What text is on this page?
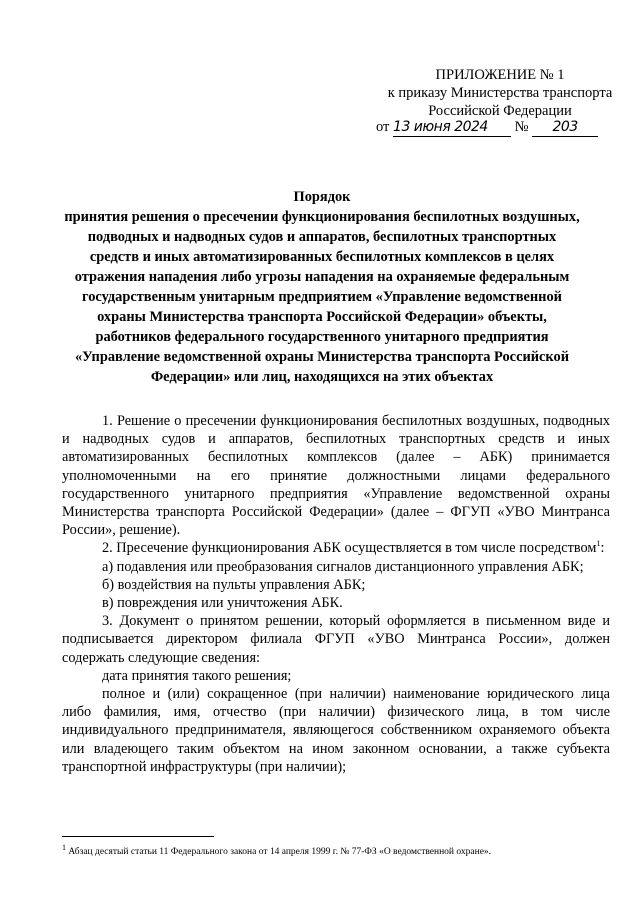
ПРИЛОЖЕНИЕ № 1
к приказу Министерства транспорта
Российской Федерации
от 13 июня 2024 № 203
Порядок
принятия решения о пресечении функционирования беспилотных воздушных,
подводных и надводных судов и аппаратов, беспилотных транспортных
средств и иных автоматизированных беспилотных комплексов в целях
отражения нападения либо угрозы нападения на охраняемые федеральным
государственным унитарным предприятием «Управление ведомственной
охраны Министерства транспорта Российской Федерации» объекты,
работников федерального государственного унитарного предприятия
«Управление ведомственной охраны Министерства транспорта Российской
Федерации» или лиц, находящихся на этих объектах

1. Решение о пресечении функционирования беспилотных воздушных, подводных и надводных судов и аппаратов, беспилотных транспортных средств и иных автоматизированных беспилотных комплексов (далее – АБК) принимается уполномоченными на его принятие должностными лицами федерального государственного унитарного предприятия «Управление ведомственной охраны Министерства транспорта Российской Федерации» (далее – ФГУП «УВО Минтранса России», решение).

2. Пресечение функционирования АБК осуществляется в том числе посредством$^1$:

а) подавления или преобразования сигналов дистанционного управления АБК;

б) воздействия на пульты управления АБК;

в) повреждения или уничтожения АБК.

3. Документ о принятом решении, который оформляется в письменном виде и подписывается директором филиала ФГУП «УВО Минтранса России», должен содержать следующие сведения:

дата принятия такого решения;

полное и (или) сокращенное (при наличии) наименование юридического лица либо фамилия, имя, отчество (при наличии) физического лица, в том числе индивидуального предпринимателя, являющегося собственником охраняемого объекта или владеющего таким объектом на ином законном основании, а также субъекта транспортной инфраструктуры (при наличии);

$^1$ Абзац десятый статьи 11 Федерального закона от 14 апреля 1999 г. № 77-ФЗ «О ведомственной охране».
